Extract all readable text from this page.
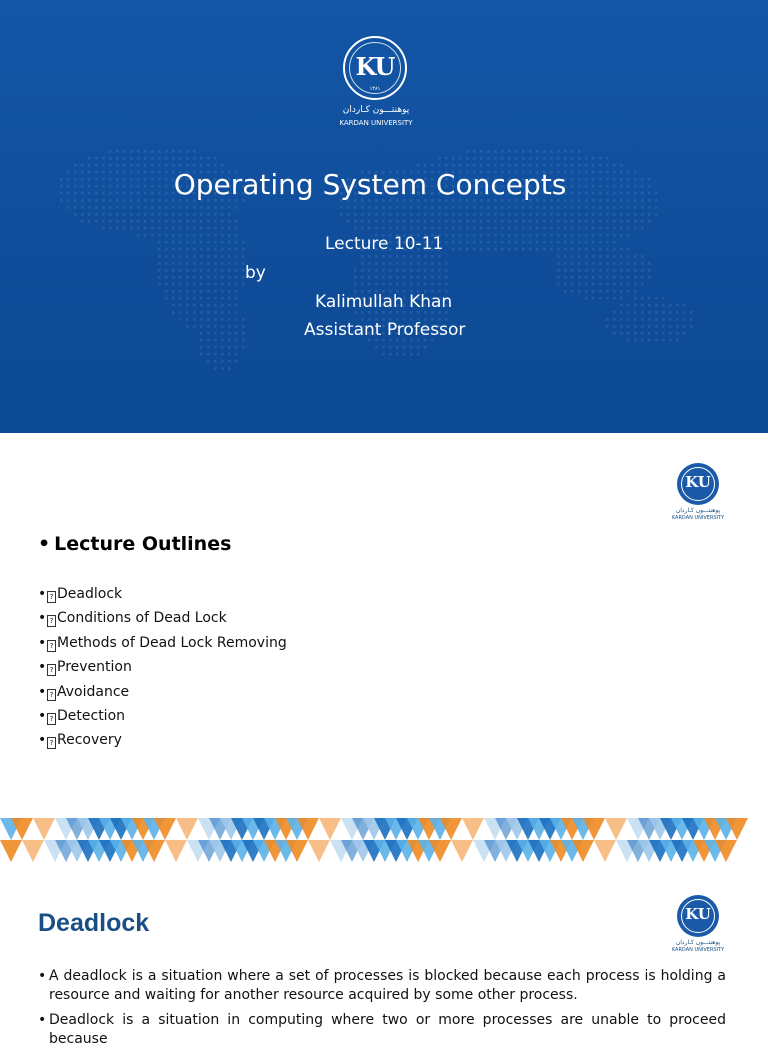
KU
۱۳۸۱
پوهنتـــون کـاردان
KARDAN UNIVERSITY
Operating System Concepts
Lecture 10-11
by
Kalimullah Khan
Assistant Professor
KU
پوهنتـــون کـاردان
KARDAN UNIVERSITY
• Lecture Outlines
• ? Deadlock
• ? Conditions of Dead Lock
• ? Methods of Dead Lock Removing
• ? Prevention
• ? Avoidance
• ? Detection
• ? Recovery
KU
پوهنتـــون کـاردان
KARDAN UNIVERSITY
Deadlock
• A deadlock is a situation where a set of processes is blocked because each process is holding a resource and waiting for another resource acquired by some other process.
• Deadlock is a situation in computing where two or more processes are unable to proceed because
